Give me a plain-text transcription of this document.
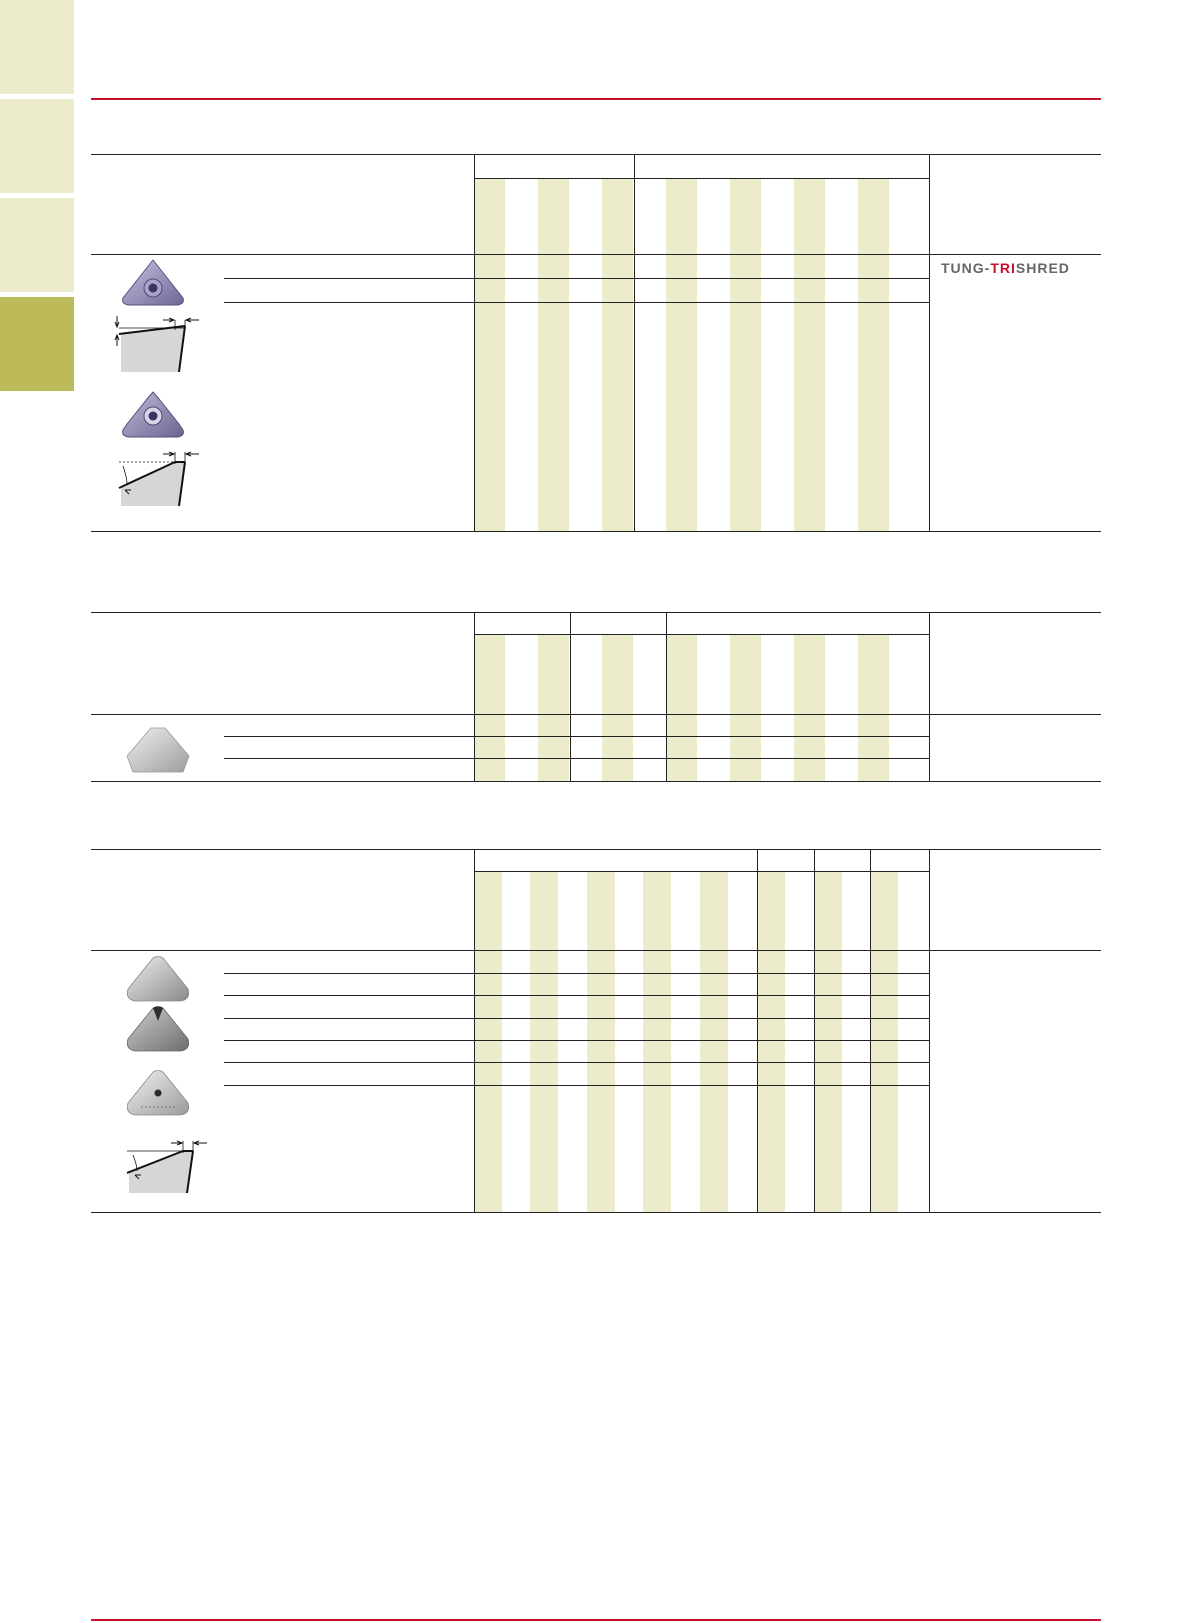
TUNG-TRISHRED
